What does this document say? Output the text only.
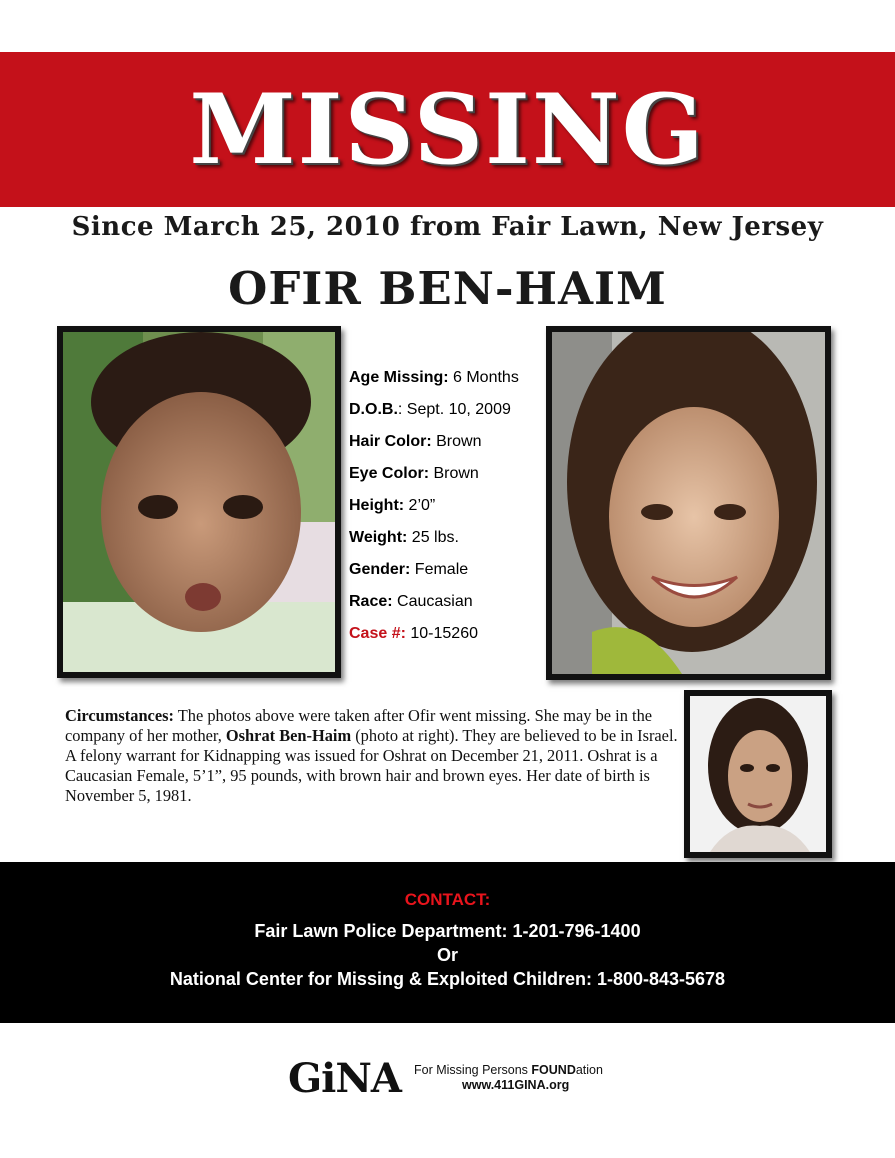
MISSING
Since March 25, 2010 from Fair Lawn, New Jersey
OFIR BEN-HAIM
Age Missing: 6 Months
D.O.B.: Sept. 10, 2009
Hair Color: Brown
Eye Color: Brown
Height: 2’0”
Weight: 25 lbs.
Gender: Female
Race: Caucasian
Case #: 10-15260
Circumstances: The photos above were taken after Ofir went missing. She may be in the company of her mother, Oshrat Ben-Haim (photo at right). They are believed to be in Israel. A felony warrant for Kidnapping was issued for Oshrat on December 21, 2011. Oshrat is a Caucasian Female, 5’1”, 95 pounds, with brown hair and brown eyes. Her date of birth is November 5, 1981.
CONTACT:
Fair Lawn Police Department: 1-201-796-1400
Or
National Center for Missing & Exploited Children: 1-800-843-5678
GiNA	For Missing Persons FOUNDation
www.411GINA.org
